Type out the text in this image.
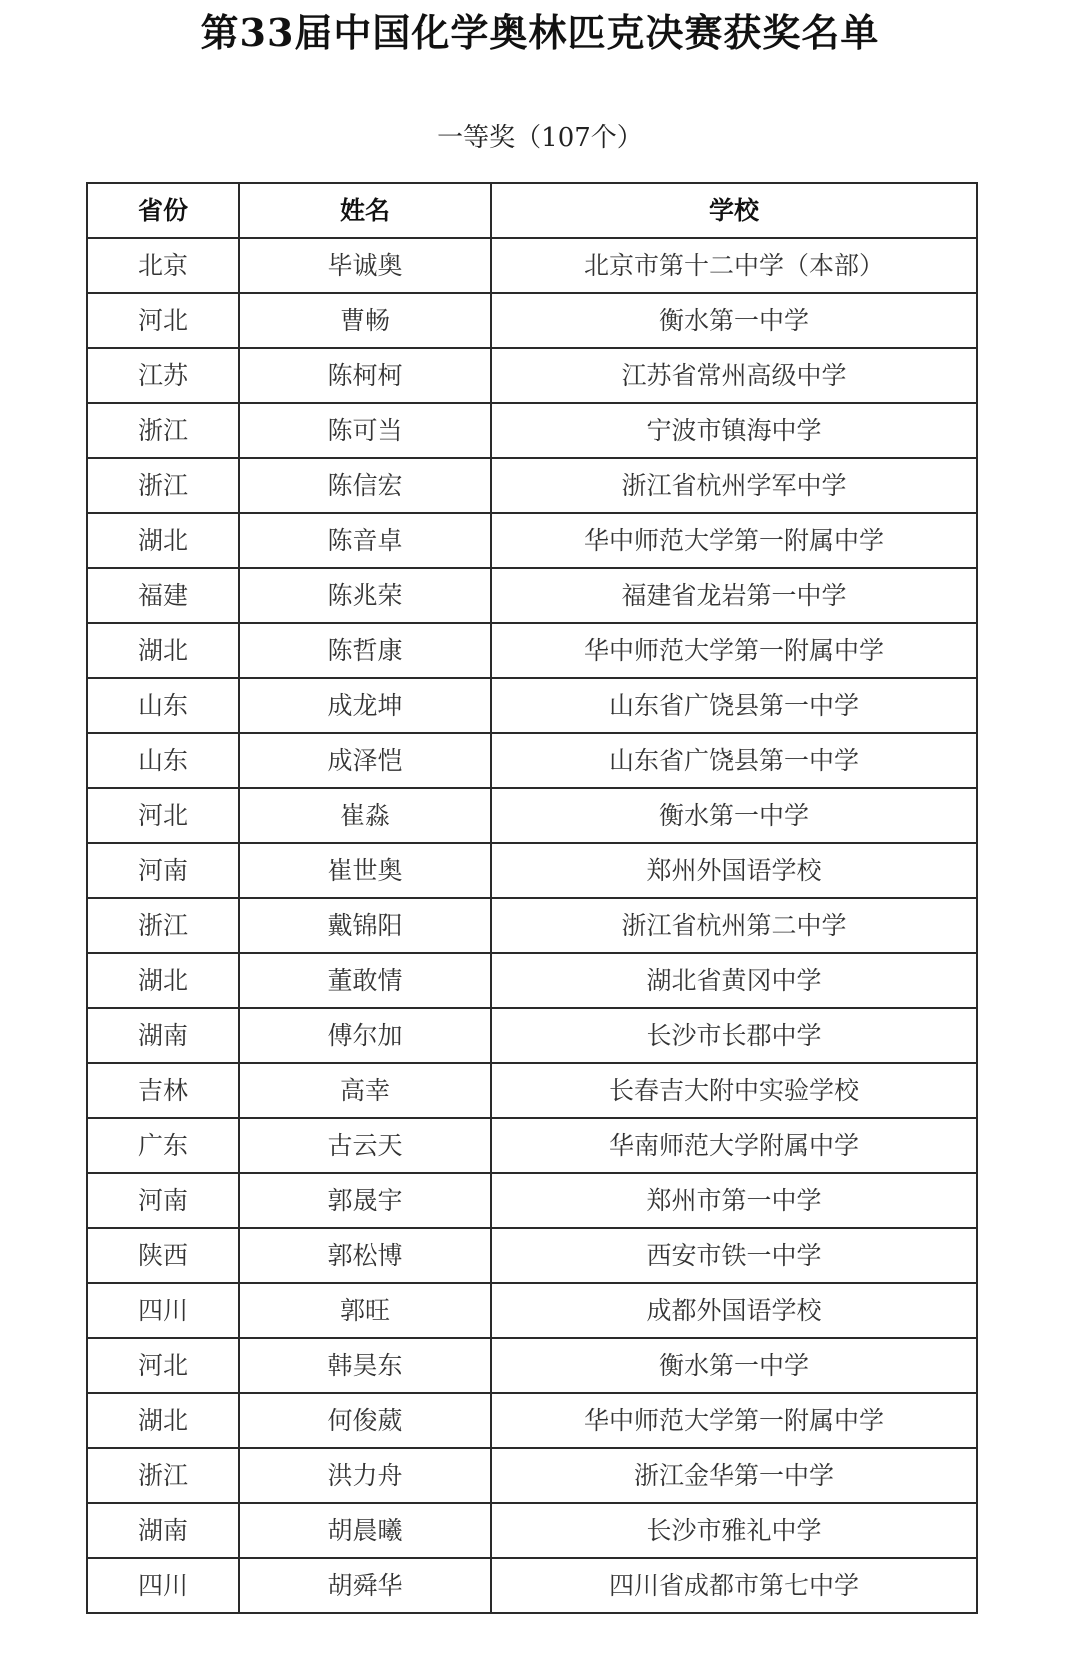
第33届中国化学奥林匹克决赛获奖名单
一等奖（107个）
省份	姓名	学校
北京	毕诚奥	北京市第十二中学（本部）
河北	曹畅	衡水第一中学
江苏	陈柯柯	江苏省常州高级中学
浙江	陈可当	宁波市镇海中学
浙江	陈信宏	浙江省杭州学军中学
湖北	陈音卓	华中师范大学第一附属中学
福建	陈兆荣	福建省龙岩第一中学
湖北	陈哲康	华中师范大学第一附属中学
山东	成龙坤	山东省广饶县第一中学
山东	成泽恺	山东省广饶县第一中学
河北	崔淼	衡水第一中学
河南	崔世奥	郑州外国语学校
浙江	戴锦阳	浙江省杭州第二中学
湖北	董敢情	湖北省黄冈中学
湖南	傅尔加	长沙市长郡中学
吉林	高幸	长春吉大附中实验学校
广东	古云天	华南师范大学附属中学
河南	郭晟宇	郑州市第一中学
陕西	郭松博	西安市铁一中学
四川	郭旺	成都外国语学校
河北	韩昊东	衡水第一中学
湖北	何俊葳	华中师范大学第一附属中学
浙江	洪力舟	浙江金华第一中学
湖南	胡晨曦	长沙市雅礼中学
四川	胡舜华	四川省成都市第七中学
